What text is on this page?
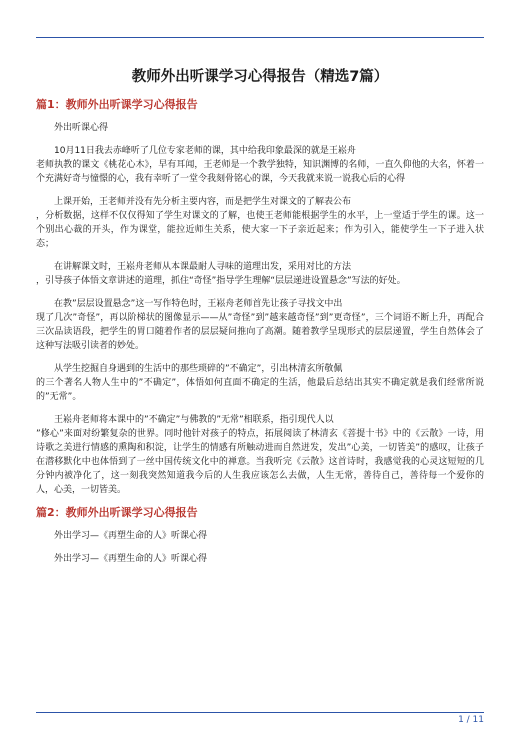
教师外出听课学习心得报告（精选7篇）
篇1：教师外出听课学习心得报告

外出听课心得

10月11日我去赤峰听了几位专家老师的课，其中给我印象最深的就是王崧舟
老师执教的课文《桃花心木》，早有耳闻，王老师是一个教学独特，知识渊博的名师，一直久仰他的大名，怀着一个充满好奇与憧憬的心，我有幸听了一堂令我刻骨铭心的课，今天我就来说一说我心后的心得

上课开始，王老师并没有先分析主要内容，而是把学生对课文的了解表公布
，分析数据，这样不仅仅得知了学生对课文的了解，也使王老师能根据学生的水平，上一堂适于学生的课。这一个别出心裁的开头，作为课堂，能拉近师生关系，使大家一下子亲近起来；作为引入，能使学生一下子进入状态；

在讲解课文时，王崧舟老师从本课最耐人寻味的道理出发，采用对比的方法
，引导孩子体悟文章讲述的道理，抓住“奇怪”指导学生理解“层层递进设置悬念”写法的好处。

在教”层层设置悬念”这一写作特色时，王崧舟老师首先让孩子寻找文中出
现了几次”奇怪”，再以阶梯状的图像显示——从”奇怪”到”越来越奇怪”到”更奇怪”，三个词语不断上升，再配合三次品读语段，把学生的胃口随着作者的层层疑问推向了高潮。随着教学呈现形式的层层递置，学生自然体会了这种写法吸引读者的妙处。

从学生挖掘自身遇到的生活中的那些琐碎的”不确定”，引出林清玄所敬佩
的三个著名人物人生中的”不确定”，体悟如何直面不确定的生活，他最后总结出其实不确定就是我们经常所说的”无常”。

王崧舟老师将本课中的”不确定”与佛教的”无常”相联系，指引现代人以
”修心”来面对纷繁复杂的世界。同时他针对孩子的特点，拓展阅读了林清玄《菩提十书》中的《云散》一诗，用诗歌之美进行情感的熏陶和积淀，让学生的情感有所触动进而自然迸发，发出”心美，一切皆美”的感叹，让孩子在潜移默化中也体悟到了一丝中国传统文化中的禅意。当我听完《云散》这首诗时，我感觉我的心灵这短短的几分钟内被净化了，这一刻我突然知道我今后的人生我应该怎么去做，人生无常，善待自己，善待每一个爱你的人，心美，一切皆美。

篇2：教师外出听课学习心得报告

外出学习—《再塑生命的人》听课心得

外出学习—《再塑生命的人》听课心得

1 / 11
